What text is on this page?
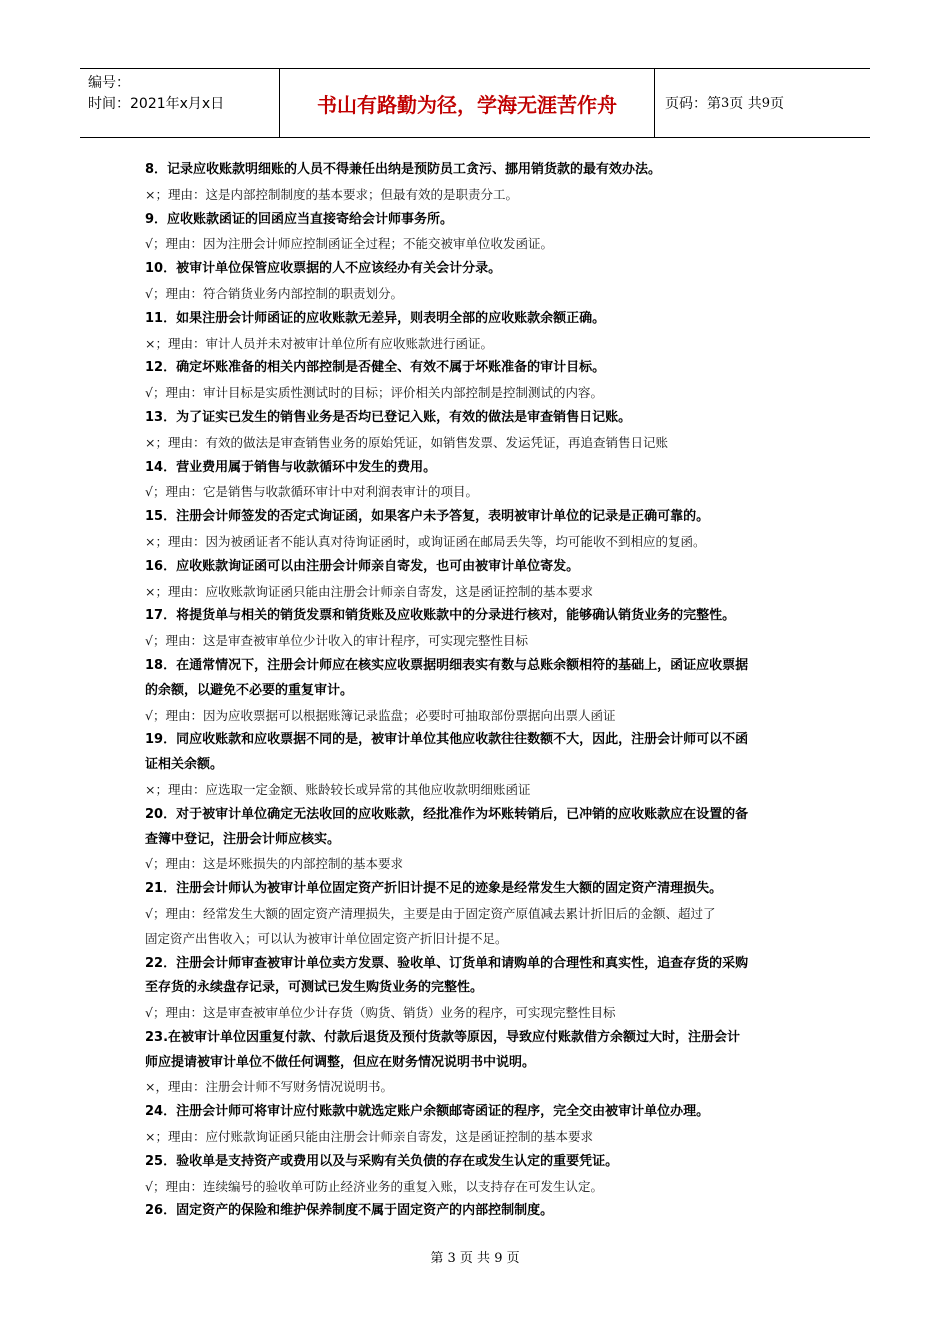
编号：
时间：2021年x月x日	书山有路勤为径，学海无涯苦作舟	页码：第 3 页 共 9 页
8．记录应收账款明细账的人员不得兼任出纳是预防员工贪污、挪用销货款的最有效办法。
×；理由：这是内部控制制度的基本要求；但最有效的是职责分工。
9．应收账款函证的回函应当直接寄给会计师事务所。
√；理由：因为注册会计师应控制函证全过程；不能交被审单位收发函证。
10．被审计单位保管应收票据的人不应该经办有关会计分录。
√；理由：符合销货业务内部控制的职责划分。
11．如果注册会计师函证的应收账款无差异，则表明全部的应收账款余额正确。
×；理由：审计人员并未对被审计单位所有应收账款进行函证。
12．确定坏账准备的相关内部控制是否健全、有效不属于坏账准备的审计目标。
√；理由：审计目标是实质性测试时的目标；评价相关内部控制是控制测试的内容。
13．为了证实已发生的销售业务是否均已登记入账，有效的做法是审查销售日记账。
×；理由：有效的做法是审查销售业务的原始凭证，如销售发票、发运凭证，再追查销售日记账
14．营业费用属于销售与收款循环中发生的费用。
√；理由：它是销售与收款循环审计中对利润表审计的项目。
15．注册会计师签发的否定式询证函，如果客户未予答复，表明被审计单位的记录是正确可靠的。
×；理由：因为被函证者不能认真对待询证函时，或询证函在邮局丢失等，均可能收不到相应的复函。
16．应收账款询证函可以由注册会计师亲自寄发，也可由被审计单位寄发。
×；理由：应收账款询证函只能由注册会计师亲自寄发，这是函证控制的基本要求
17．将提货单与相关的销货发票和销货账及应收账款中的分录进行核对，能够确认销货业务的完整性。
√；理由：这是审查被审单位少计收入的审计程序，可实现完整性目标
18．在通常情况下，注册会计师应在核实应收票据明细表实有数与总账余额相符的基础上，函证应收票据
的余额，以避免不必要的重复审计。
√；理由：因为应收票据可以根据账簿记录监盘；必要时可抽取部份票据向出票人函证
19．同应收账款和应收票据不同的是，被审计单位其他应收款往往数额不大，因此，注册会计师可以不函
证相关余额。
×；理由：应选取一定金额、账龄较长或异常的其他应收款明细账函证
20．对于被审计单位确定无法收回的应收账款，经批准作为坏账转销后，已冲销的应收账款应在设置的备
查簿中登记，注册会计师应核实。
√；理由：这是坏账损失的内部控制的基本要求
21．注册会计师认为被审计单位固定资产折旧计提不足的迹象是经常发生大额的固定资产清理损失。
√；理由：经常发生大额的固定资产清理损失，主要是由于固定资产原值减去累计折旧后的金额、超过了
固定资产出售收入；可以认为被审计单位固定资产折旧计提不足。
22．注册会计师审查被审计单位卖方发票、验收单、订货单和请购单的合理性和真实性，追查存货的采购
至存货的永续盘存记录，可测试已发生购货业务的完整性。
√；理由：这是审查被审单位少计存货（购货、销货）业务的程序，可实现完整性目标
23.在被审计单位因重复付款、付款后退货及预付货款等原因，导致应付账款借方余额过大时，注册会计
师应提请被审计单位不做任何调整，但应在财务情况说明书中说明。
×，理由：注册会计师不写财务情况说明书。
24．注册会计师可将审计应付账款中就选定账户余额邮寄函证的程序，完全交由被审计单位办理。
×；理由：应付账款询证函只能由注册会计师亲自寄发，这是函证控制的基本要求
25．验收单是支持资产或费用以及与采购有关负债的存在或发生认定的重要凭证。
√；理由：连续编号的验收单可防止经济业务的重复入账，以支持存在可发生认定。
26．固定资产的保险和维护保养制度不属于固定资产的内部控制制度。
第 3 页 共 9 页
